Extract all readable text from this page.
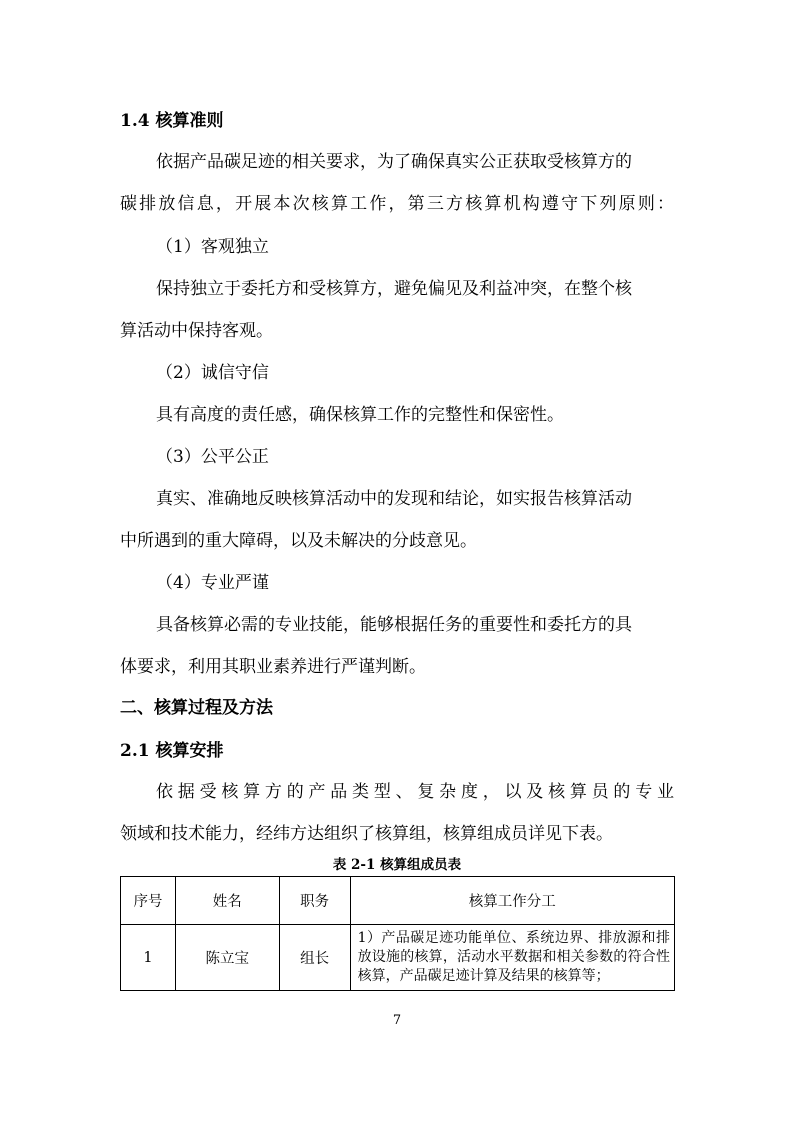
1.4 核算准则

依据产品碳足迹的相关要求，为了确保真实公正获取受核算方的

碳排放信息，开展本次核算工作，第三方核算机构遵守下列原则：

（1）客观独立

保持独立于委托方和受核算方，避免偏见及利益冲突，在整个核

算活动中保持客观。

（2）诚信守信

具有高度的责任感，确保核算工作的完整性和保密性。

（3）公平公正

真实、准确地反映核算活动中的发现和结论，如实报告核算活动

中所遇到的重大障碍，以及未解决的分歧意见。

（4）专业严谨

具备核算必需的专业技能，能够根据任务的重要性和委托方的具

体要求，利用其职业素养进行严谨判断。

二、核算过程及方法

2.1 核算安排

依据受核算方的产品类型、复杂度，以及核算员的专业

领域和技术能力，经纬方达组织了核算组，核算组成员详见下表。

表 2-1 核算组成员表

序号	姓名	职务	核算工作分工
1	陈立宝	组长	1）产品碳足迹功能单位、系统边界、排放源和排放设施的核算，活动水平数据和相关参数的符合性核算，产品碳足迹计算及结果的核算等；

7
